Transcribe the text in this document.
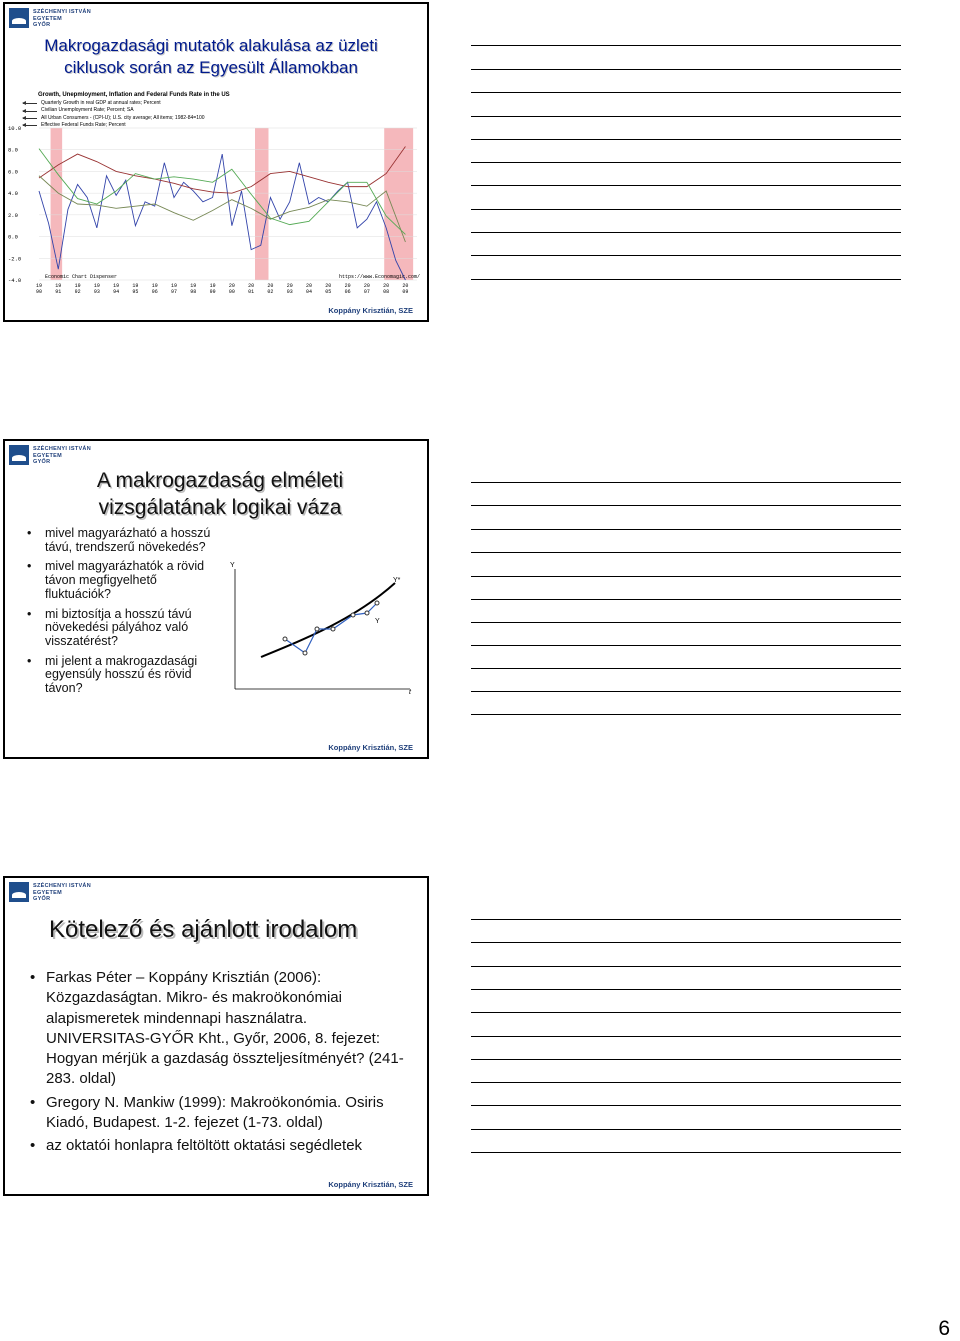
SZÉCHENYI ISTVÁN
EGYETEM
GYŐR
Makrogazdasági mutatók alakulása az üzleti ciklusok során az Egyesült Államokban
Growth, Unepmloyment, Inflation and Federal Funds Rate in the US
Quarterly Growth in real GDP at annual rates; Percent
Civilian Unemployment Rate; Percent; SA
All Urban Consumers - (CPI-U); U.S. city average; All items; 1982-84=100
Effective Federal Funds Rate; Percent
10.0
8.0
6.0
4.0
2.0
0.0
-2.0
-4.0
19
90
19
91
19
92
19
93
19
94
19
95
19
96
19
97
19
98
19
99
20
00
20
01
20
02
20
03
20
04
20
05
20
06
20
07
20
08
20
09
Economic Chart Dispenser	https://www.Economagic.com/
Koppány Krisztián, SZE
SZÉCHENYI ISTVÁN
EGYETEM
GYŐR
A makrogazdaság elméleti vizsgálatának logikai váza
• mivel magyarázható a hosszú távú, trendszerű növekedés?
• mivel magyarázhatók a rövid távon megfigyelhető fluktuációk?
• mi biztosítja a hosszú távú növekedési pályához való visszatérést?
• mi jelent a makrogazdasági egyensúly hosszú és rövid távon?
Y
t
Y*
Y
Koppány Krisztián, SZE
SZÉCHENYI ISTVÁN
EGYETEM
GYŐR
Kötelező és ajánlott irodalom
• Farkas Péter – Koppány Krisztián (2006): Közgazdaságtan. Mikro- és makroökonómiai alapismeretek mindennapi használatra. UNIVERSITAS-GYŐR Kht., Győr, 2006, 8. fejezet: Hogyan mérjük a gazdaság összteljesítményét? (241-283. oldal)
• Gregory N. Mankiw (1999): Makroökonómia. Osiris Kiadó, Budapest. 1-2. fejezet (1-73. oldal)
• az oktatói honlapra feltöltött oktatási segédletek
Koppány Krisztián, SZE
6
